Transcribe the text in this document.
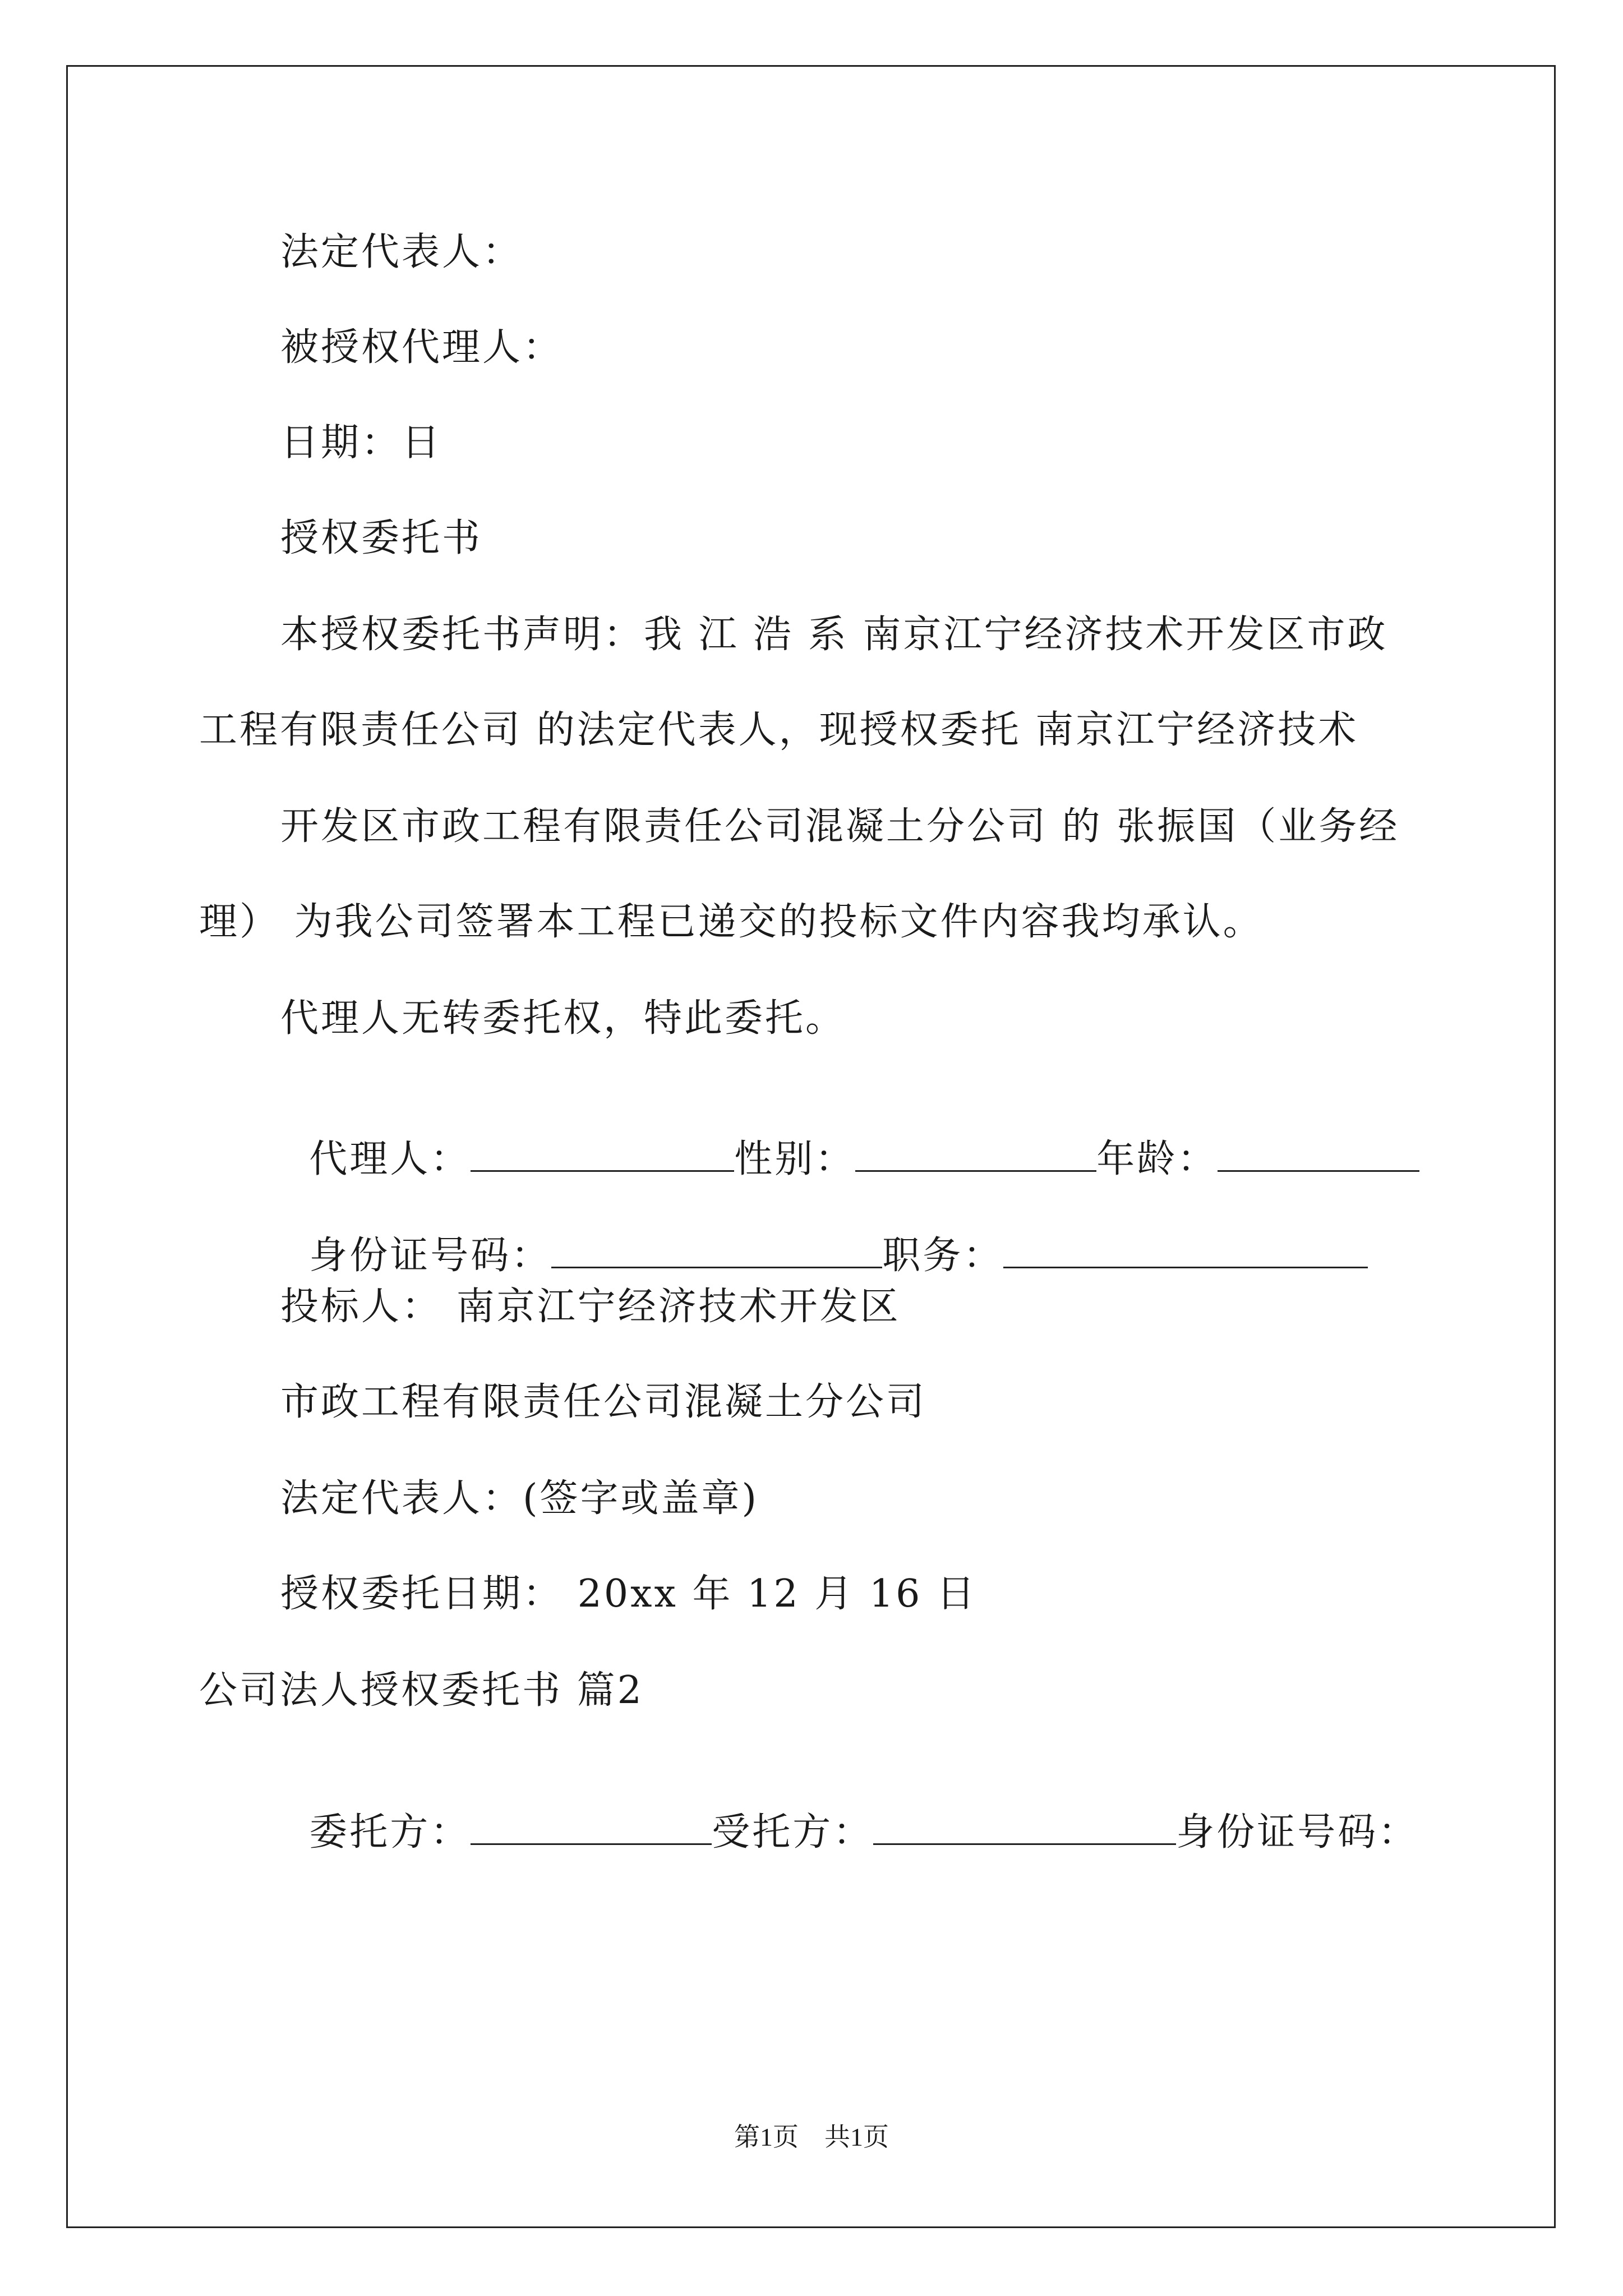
法定代表人：
被授权代理人：
日期：日
授权委托书
本授权委托书声明：我 江 浩 系 南京江宁经济技术开发区市政
工程有限责任公司 的法定代表人，现授权委托 南京江宁经济技术
开发区市政工程有限责任公司混凝土分公司 的 张振国（业务经
理） 为我公司签署本工程已递交的投标文件内容我均承认。
代理人无转委托权，特此委托。

代理人：	性别：	年龄：

身份证号码：	职务：

投标人： 南京江宁经济技术开发区
市政工程有限责任公司混凝土分公司
法定代表人：(签字或盖章)
授权委托日期： 20xx 年 12 月 16 日
公司法人授权委托书 篇2

委托方：	受托方：	身份证号码：

第1页　共1页
